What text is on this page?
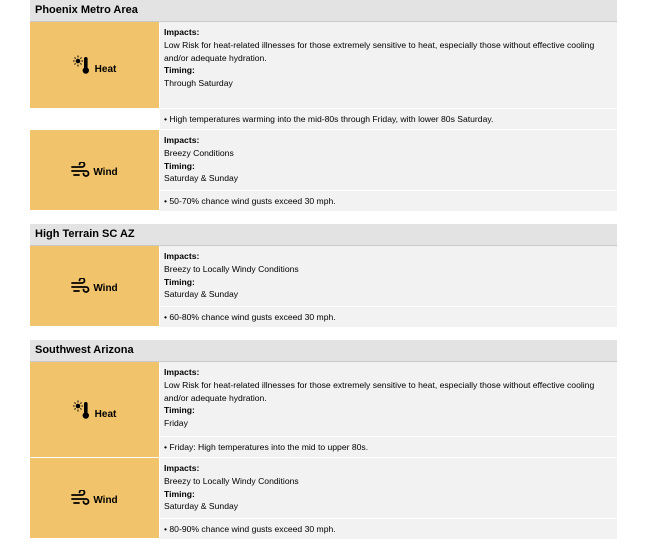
Phoenix Metro Area
Heat
Impacts:
Low Risk for heat-related illnesses for those extremely sensitive to heat, especially those without effective cooling and/or adequate hydration.
Timing:
Through Saturday
• High temperatures warming into the mid-80s through Friday, with lower 80s Saturday.
Wind
Impacts:
Breezy Conditions
Timing:
Saturday & Sunday
• 50-70% chance wind gusts exceed 30 mph.
High Terrain SC AZ
Wind
Impacts:
Breezy to Locally Windy Conditions
Timing:
Saturday & Sunday
• 60-80% chance wind gusts exceed 30 mph.
Southwest Arizona
Heat
Impacts:
Low Risk for heat-related illnesses for those extremely sensitive to heat, especially those without effective cooling and/or adequate hydration.
Timing:
Friday
• Friday: High temperatures into the mid to upper 80s.
Wind
Impacts:
Breezy to Locally Windy Conditions
Timing:
Saturday & Sunday
• 80-90% chance wind gusts exceed 30 mph.
